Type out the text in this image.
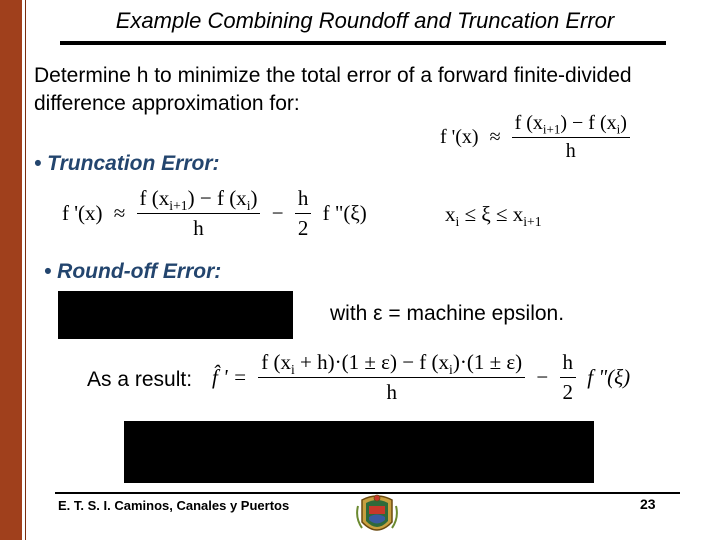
Example Combining Roundoff and Truncation Error
Determine h to minimize the total error of a forward finite-divided difference approximation for:
f '$(x) \approx \frac{f (x_{i+1}) - f (x_i)}{h}$
• Truncation Error:
f '$(x) \approx \frac{f (x_{i+1}) - f (x_i)}{h} - \frac{h}{2}$ f "(ξ)	$x_i \le \xi \le x_{i+1}$
• Round-off Error:
with ε = machine epsilon.
As a result: f̂ ' = $\frac{f (x_i + h)\cdot(1 \pm \varepsilon) - f (x_i)\cdot(1 \pm \varepsilon)}{h} - \frac{h}{2}$ f "(ξ)
E. T. S. I. Caminos, Canales y Puertos	23
